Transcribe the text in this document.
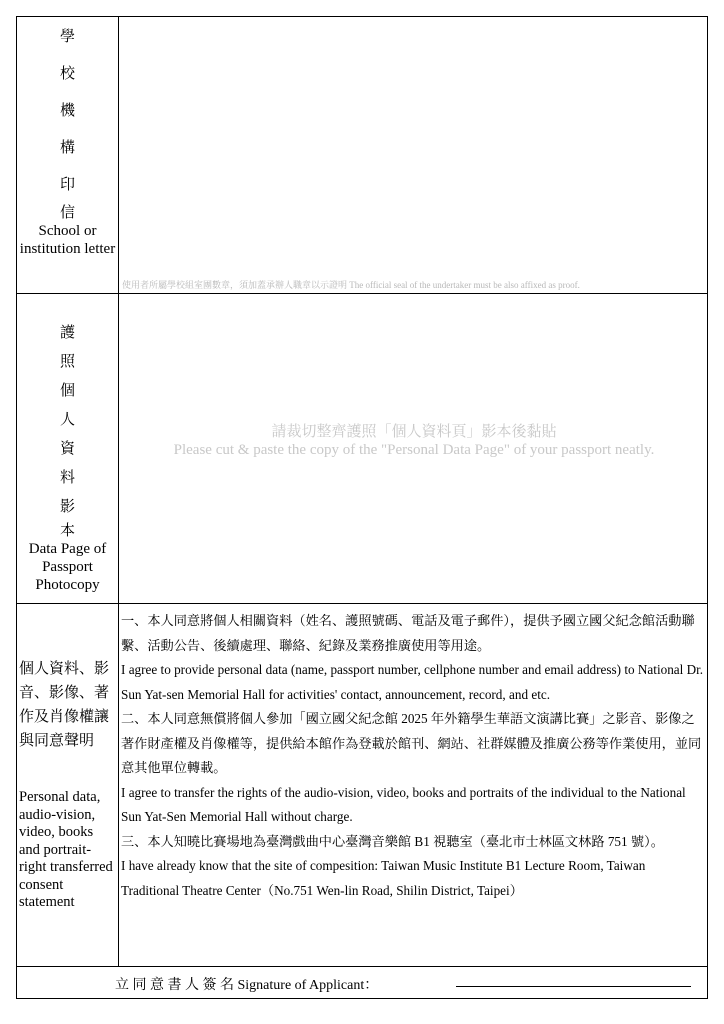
學
校
機
構
印
信
School or institution letter
使用者所屬學校組室團數章，須加蓋承辦人職章以示證明 The official seal of the undertaker must be also affixed as proof.
護
照
個
人
資
料
影
本
Data Page of Passport Photocopy
請裁切整齊護照「個人資料頁」影本後黏貼
Please cut & paste the copy of the "Personal Data Page" of your passport neatly.
個人資料、影音、影像、著作及肖像權讓與同意聲明
Personal data, audio-vision, video, books and portrait-right transferred consent statement

一、本人同意將個人相關資料（姓名、護照號碼、電話及電子郵件），提供予國立國父紀念館活動聯繫、活動公告、後續處理、聯絡、紀錄及業務推廣使用等用途。

I agree to provide personal data (name, passport number, cellphone number and email address) to National Dr. Sun Yat-sen Memorial Hall for activities' contact, announcement, record, and etc.

二、本人同意無償將個人參加「國立國父紀念館 2025 年外籍學生華語文演講比賽」之影音、影像之著作財產權及肖像權等，提供給本館作為登載於館刊、網站、社群媒體及推廣公務等作業使用，並同意其他單位轉載。

I agree to transfer the rights of the audio-vision, video, books and portraits of the individual to the National Sun Yat-Sen Memorial Hall without charge.

三、本人知曉比賽場地為臺灣戲曲中心臺灣音樂館 B1 視聽室（臺北市士林區文林路 751 號）。

I have already know that the site of compesition: Taiwan Music Institute B1 Lecture Room, Taiwan Traditional Theatre Center（No.751 Wen-lin Road, Shilin District, Taipei）

立 同 意 書 人 簽 名 Signature of Applicant：
